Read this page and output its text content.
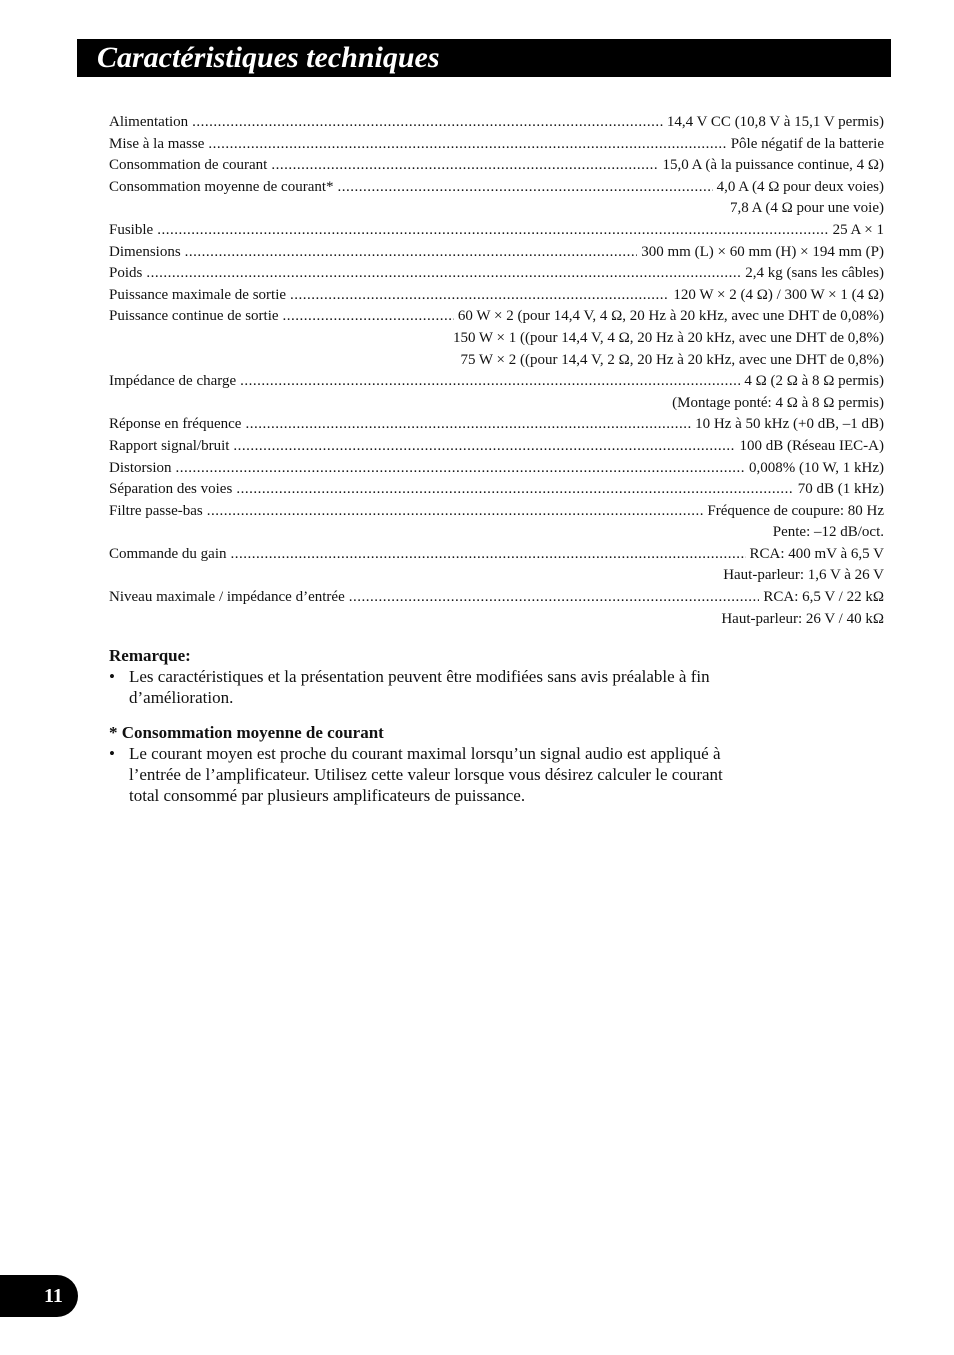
Caractéristiques techniques
Alimentation .....	14,4 V CC (10,8 V à 15,1 V permis)
Mise à la masse .....	Pôle négatif de la batterie
Consommation de courant .....	15,0 A (à la puissance continue, 4 Ω)
Consommation moyenne de courant* .....	4,0 A (4 Ω pour deux voies)
7,8 A (4 Ω pour une voie)
Fusible .....	25 A × 1
Dimensions .....	300 mm (L) × 60 mm (H) × 194 mm (P)
Poids .....	2,4 kg (sans les câbles)
Puissance maximale de sortie .....	120 W × 2 (4 Ω) / 300 W × 1 (4 Ω)
Puissance continue de sortie .....	60 W × 2 (pour 14,4 V, 4 Ω, 20 Hz à 20 kHz, avec une DHT de 0,08%)
150 W × 1 ((pour 14,4 V, 4 Ω, 20 Hz à 20 kHz, avec une DHT de 0,8%)
75 W × 2 ((pour 14,4 V, 2 Ω, 20 Hz à 20 kHz, avec une DHT de 0,8%)
Impédance de charge .....	4 Ω (2 Ω à 8 Ω permis)
(Montage ponté: 4 Ω à 8 Ω permis)
Réponse en fréquence .....	10 Hz à 50 kHz (+0 dB, –1 dB)
Rapport signal/bruit .....	100 dB (Réseau IEC-A)
Distorsion .....	0,008% (10 W, 1 kHz)
Séparation des voies .....	70 dB (1 kHz)
Filtre passe-bas .....	Fréquence de coupure: 80 Hz
Pente: –12 dB/oct.
Commande du gain .....	RCA: 400 mV à 6,5 V
Haut-parleur: 1,6 V à 26 V
Niveau maximale / impédance d’entrée .....	RCA: 6,5 V / 22 kΩ
Haut-parleur: 26 V / 40 kΩ

Remarque:

• Les caractéristiques et la présentation peuvent être modifiées sans avis préalable à fin d’amélioration.

* Consommation moyenne de courant

• Le courant moyen est proche du courant maximal lorsqu’un signal audio est appliqué à l’entrée de l’amplificateur. Utilisez cette valeur lorsque vous désirez calculer le courant total consommé par plusieurs amplificateurs de puissance.

11
